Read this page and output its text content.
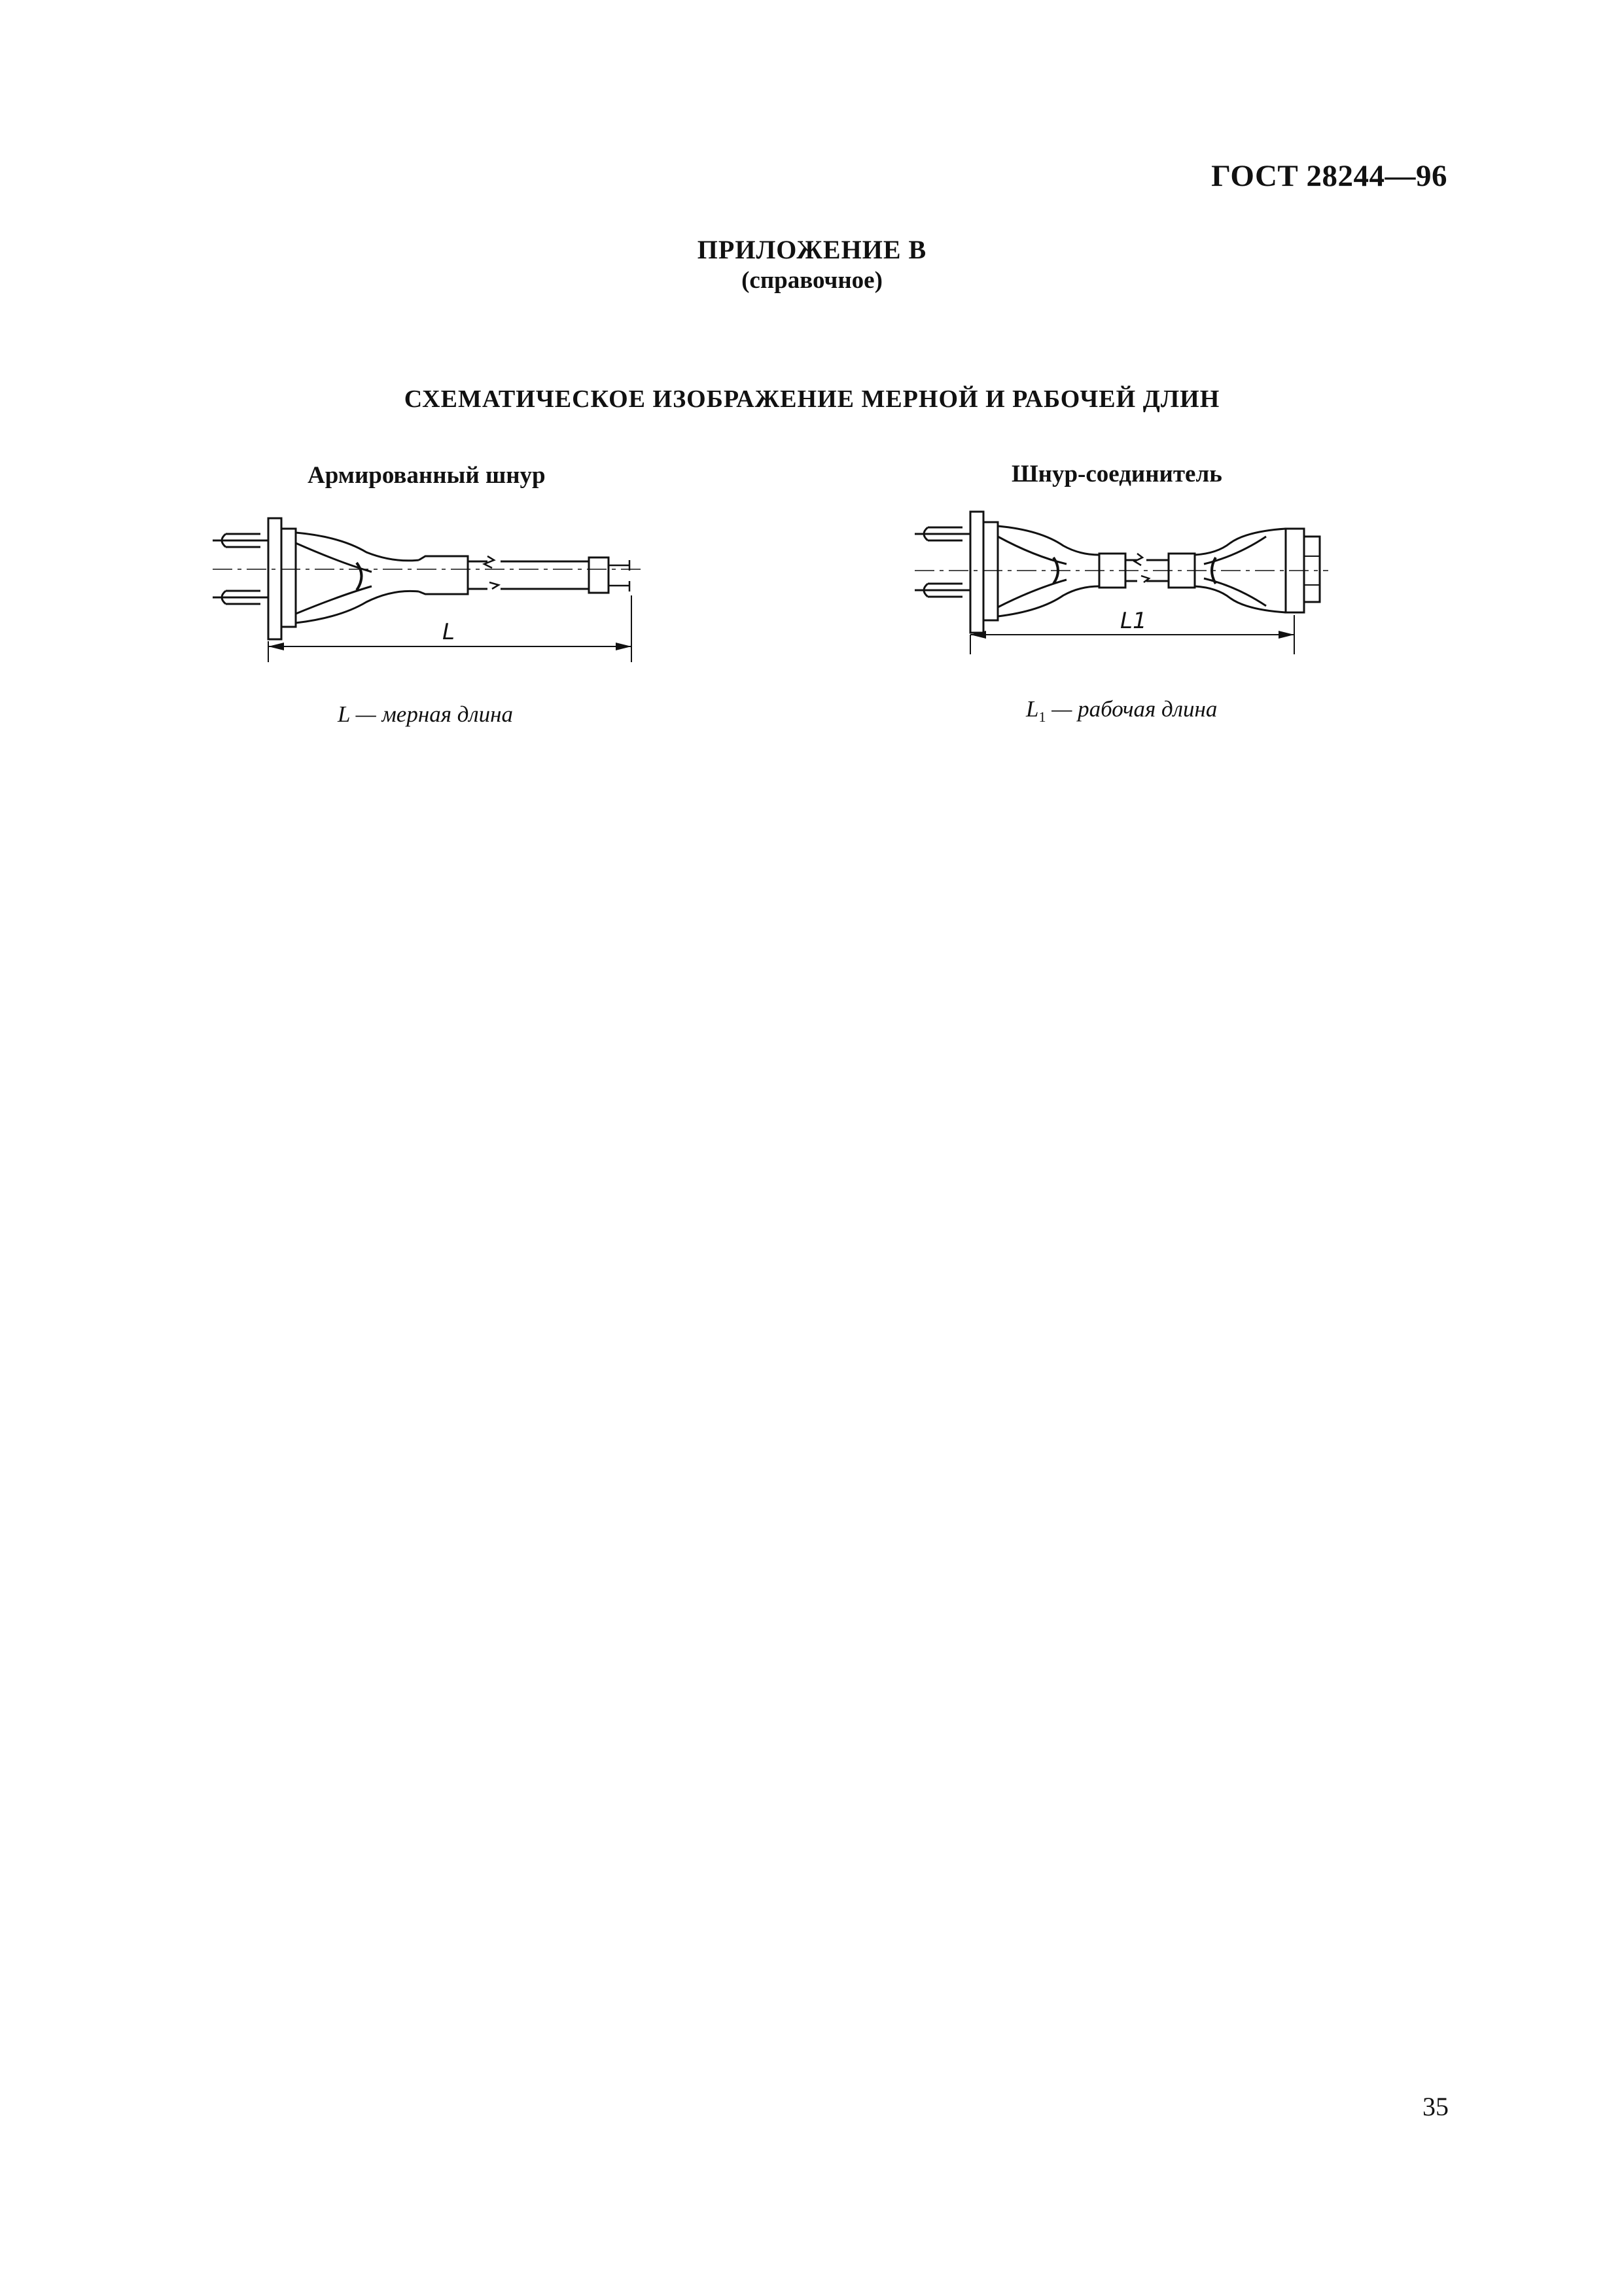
ГОСТ 28244—96
ПРИЛОЖЕНИЕ В
(справочное)
СХЕМАТИЧЕСКОЕ ИЗОБРАЖЕНИЕ МЕРНОЙ И РАБОЧЕЙ ДЛИН
Армированный шнур	Шнур-соединитель
L	L1
L — мерная длина	$L_1$ — рабочая длина
35
